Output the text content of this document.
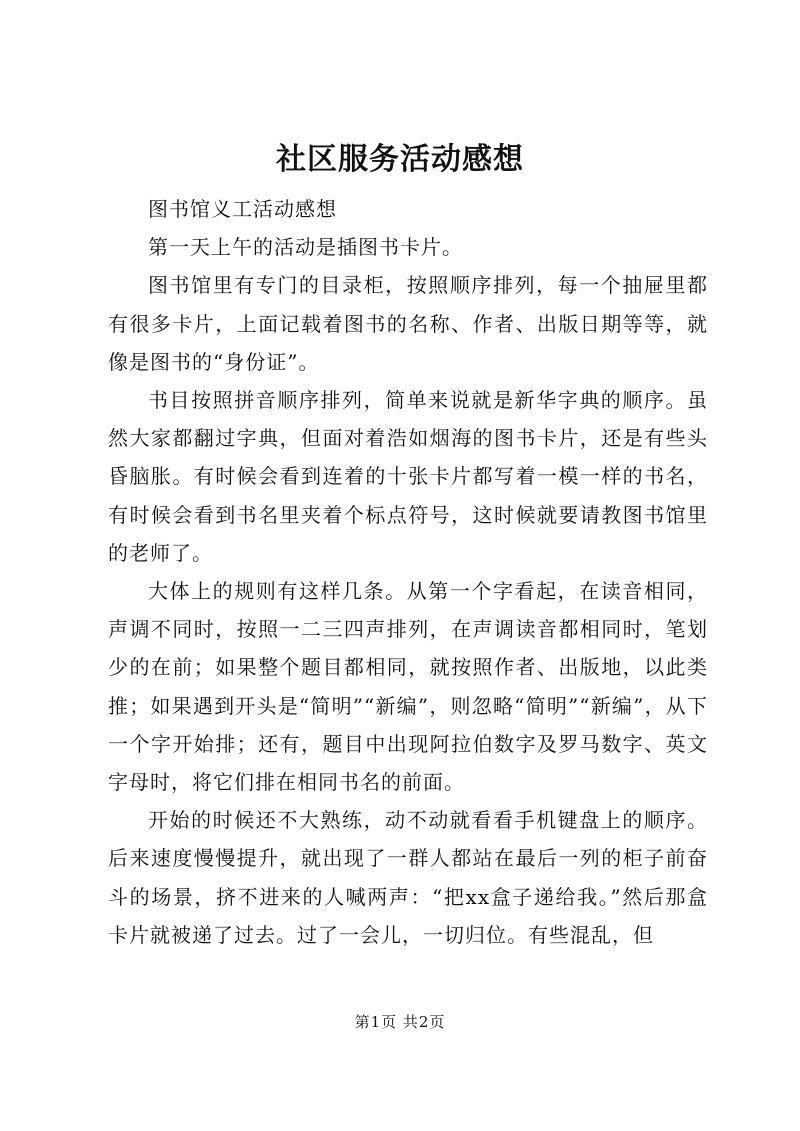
社区服务活动感想

图书馆义工活动感想

第一天上午的活动是插图书卡片。

图书馆里有专门的目录柜，按照顺序排列，每一个抽屉里都有很多卡片，上面记载着图书的名称、作者、出版日期等等，就像是图书的“身份证”。

书目按照拼音顺序排列，简单来说就是新华字典的顺序。虽然大家都翻过字典，但面对着浩如烟海的图书卡片，还是有些头昏脑胀。有时候会看到连着的十张卡片都写着一模一样的书名，有时候会看到书名里夹着个标点符号，这时候就要请教图书馆里的老师了。

大体上的规则有这样几条。从第一个字看起，在读音相同，声调不同时，按照一二三四声排列，在声调读音都相同时，笔划少的在前；如果整个题目都相同，就按照作者、出版地，以此类推；如果遇到开头是“简明”“新编”，则忽略“简明”“新编”，从下一个字开始排；还有，题目中出现阿拉伯数字及罗马数字、英文字母时，将它们排在相同书名的前面。

开始的时候还不大熟练，动不动就看看手机键盘上的顺序。后来速度慢慢提升，就出现了一群人都站在最后一列的柜子前奋斗的场景，挤不进来的人喊两声：“把xx盒子递给我。”然后那盒卡片就被递了过去。过了一会儿，一切归位。有些混乱，但

第1页 共2页
